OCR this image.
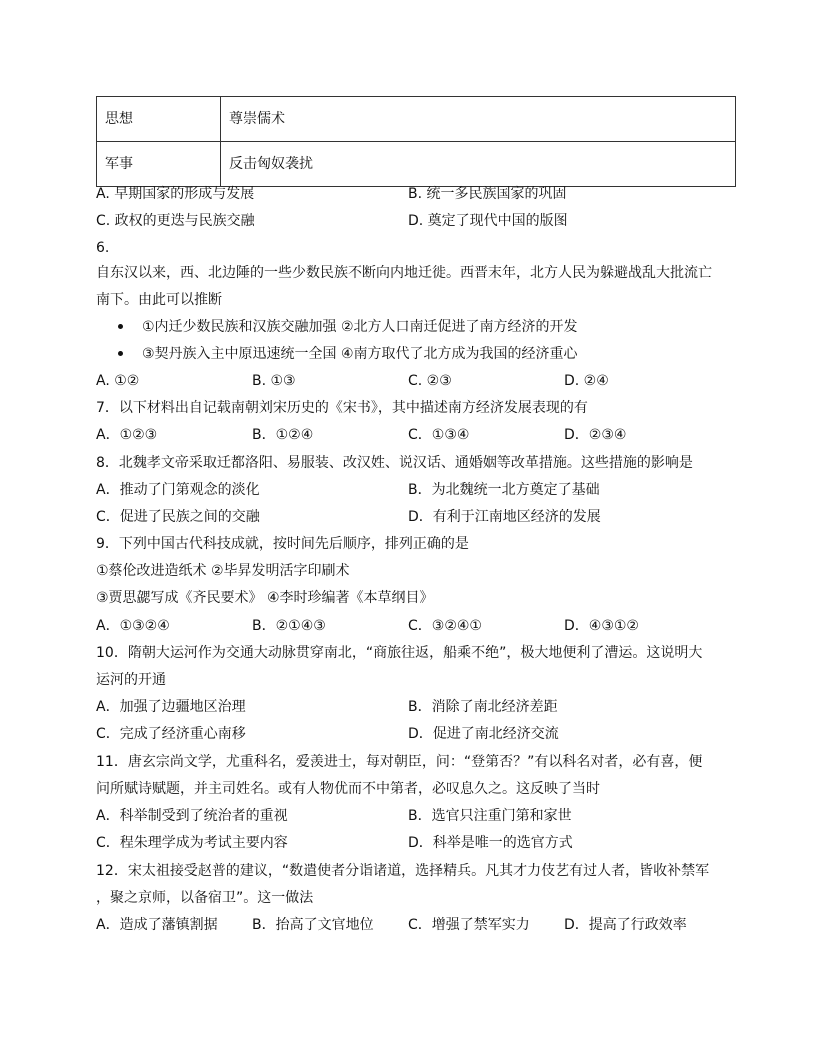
思想	尊崇儒术
军事	反击匈奴袭扰
A. 早期国家的形成与发展	B. 统一多民族国家的巩固
C. 政权的更迭与民族交融	D. 奠定了现代中国的版图
6.
自东汉以来，西、北边陲的一些少数民族不断向内地迁徙。西晋末年，北方人民为躲避战乱大批流亡
南下。由此可以推断
①内迁少数民族和汉族交融加强 ②北方人口南迁促进了南方经济的开发
③契丹族入主中原迅速统一全国 ④南方取代了北方成为我国的经济重心
A. ①②	B. ①③	C. ②③	D. ②④
7．以下材料出自记载南朝刘宋历史的《宋书》，其中描述南方经济发展表现的有
A．①②③	B．①②④	C．①③④	D．②③④
8．北魏孝文帝采取迁都洛阳、易服装、改汉姓、说汉话、通婚姻等改革措施。这些措施的影响是
A．推动了门第观念的淡化	B．为北魏统一北方奠定了基础
C．促进了民族之间的交融	D．有利于江南地区经济的发展
9．下列中国古代科技成就，按时间先后顺序，排列正确的是
①蔡伦改进造纸术 ②毕昇发明活字印刷术
③贾思勰写成《齐民要术》 ④李时珍编著《本草纲目》
A．①③②④	B．②①④③	C．③②④①	D．④③①②
10．隋朝大运河作为交通大动脉贯穿南北，“商旅往返，船乘不绝”，极大地便利了漕运。这说明大
运河的开通
A．加强了边疆地区治理	B．消除了南北经济差距
C．完成了经济重心南移	D．促进了南北经济交流
11．唐玄宗尚文学，尤重科名，爱羡进士，每对朝臣，问：“登第否？”有以科名对者，必有喜，便
问所赋诗赋题，并主司姓名。或有人物优而不中第者，必叹息久之。这反映了当时
A．科举制受到了统治者的重视	B．选官只注重门第和家世
C．程朱理学成为考试主要内容	D．科举是唯一的选官方式
12．宋太祖接受赵普的建议，“数遣使者分诣诸道，选择精兵。凡其才力伎艺有过人者，皆收补禁军
，聚之京师，以备宿卫”。这一做法
A．造成了藩镇割据 B．抬高了文官地位 C．增强了禁军实力 D．提高了行政效率
